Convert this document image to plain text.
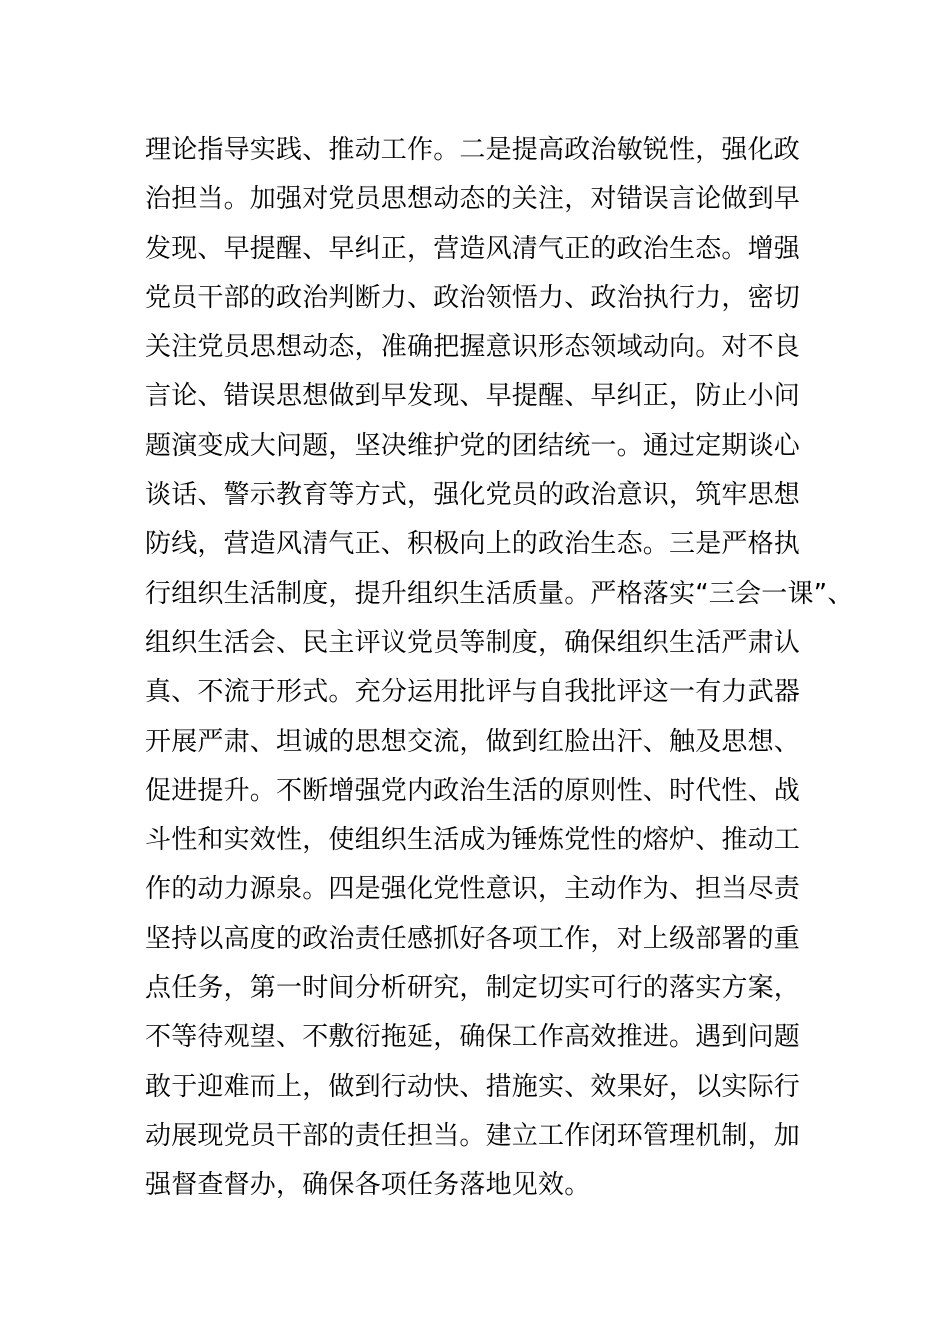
理论指导实践、推动工作。二是提高政治敏锐性，强化政
治担当。加强对党员思想动态的关注，对错误言论做到早
发现、早提醒、早纠正，营造风清气正的政治生态。增强
党员干部的政治判断力、政治领悟力、政治执行力，密切
关注党员思想动态，准确把握意识形态领域动向。对不良
言论、错误思想做到早发现、早提醒、早纠正，防止小问
题演变成大问题，坚决维护党的团结统一。通过定期谈心
谈话、警示教育等方式，强化党员的政治意识，筑牢思想
防线，营造风清气正、积极向上的政治生态。三是严格执
行组织生活制度，提升组织生活质量。严格落实“三会一课”、
组织生活会、民主评议党员等制度，确保组织生活严肃认
真、不流于形式。充分运用批评与自我批评这一有力武器
开展严肃、坦诚的思想交流，做到红脸出汗、触及思想、
促进提升。不断增强党内政治生活的原则性、时代性、战
斗性和实效性，使组织生活成为锤炼党性的熔炉、推动工
作的动力源泉。四是强化党性意识，主动作为、担当尽责
坚持以高度的政治责任感抓好各项工作，对上级部署的重
点任务，第一时间分析研究，制定切实可行的落实方案，
不等待观望、不敷衍拖延，确保工作高效推进。遇到问题
敢于迎难而上，做到行动快、措施实、效果好，以实际行
动展现党员干部的责任担当。建立工作闭环管理机制，加
强督查督办，确保各项任务落地见效。
